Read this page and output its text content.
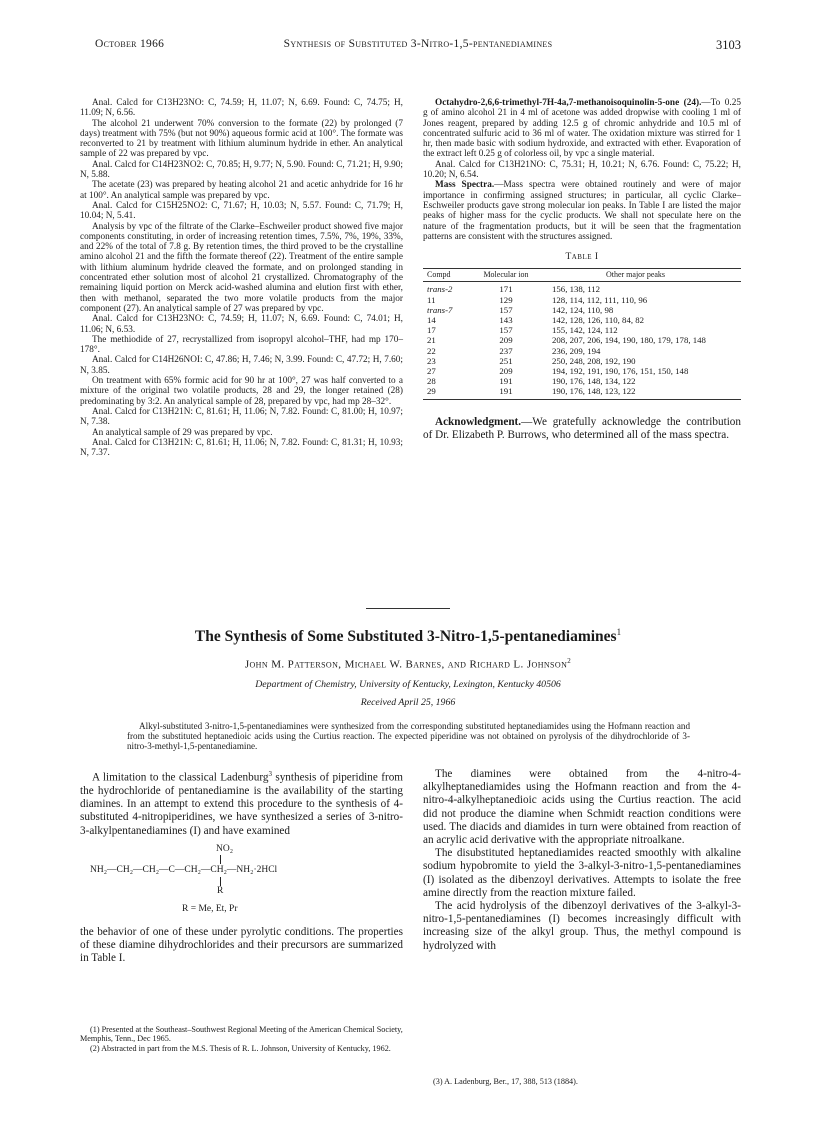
October 1966	Synthesis of Substituted 3-Nitro-1,5-pentanediamines	3103

Anal. Calcd for C13H23NO: C, 74.59; H, 11.07; N, 6.69. Found: C, 74.75; H, 11.09; N, 6.56.

The alcohol 21 underwent 70% conversion to the formate (22) by prolonged (7 days) treatment with 75% (but not 90%) aqueous formic acid at 100°. The formate was reconverted to 21 by treatment with lithium aluminum hydride in ether. An analytical sample of 22 was prepared by vpc.

Anal. Calcd for C14H23NO2: C, 70.85; H, 9.77; N, 5.90. Found: C, 71.21; H, 9.90; N, 5.88.

The acetate (23) was prepared by heating alcohol 21 and acetic anhydride for 16 hr at 100°. An analytical sample was prepared by vpc.

Anal. Calcd for C15H25NO2: C, 71.67; H, 10.03; N, 5.57. Found: C, 71.79; H, 10.04; N, 5.41.

Analysis by vpc of the filtrate of the Clarke–Eschweiler product showed five major components constituting, in order of increasing retention times, 7.5%, 7%, 19%, 33%, and 22% of the total of 7.8 g. By retention times, the third proved to be the crystalline amino alcohol 21 and the fifth the formate thereof (22). Treatment of the entire sample with lithium aluminum hydride cleaved the formate, and on prolonged standing in concentrated ether solution most of alcohol 21 crystallized. Chromatography of the remaining liquid portion on Merck acid-washed alumina and elution first with ether, then with methanol, separated the two more volatile products from the major component (27). An analytical sample of 27 was prepared by vpc.

Anal. Calcd for C13H23NO: C, 74.59; H, 11.07; N, 6.69. Found: C, 74.01; H, 11.06; N, 6.53.

The methiodide of 27, recrystallized from isopropyl alcohol–THF, had mp 170–178°.

Anal. Calcd for C14H26NOI: C, 47.86; H, 7.46; N, 3.99. Found: C, 47.72; H, 7.60; N, 3.85.

On treatment with 65% formic acid for 90 hr at 100°, 27 was half converted to a mixture of the original two volatile products, 28 and 29, the longer retained (28) predominating by 3:2. An analytical sample of 28, prepared by vpc, had mp 28–32°.

Anal. Calcd for C13H21N: C, 81.61; H, 11.06; N, 7.82. Found: C, 81.00; H, 10.97; N, 7.38.

An analytical sample of 29 was prepared by vpc.

Anal. Calcd for C13H21N: C, 81.61; H, 11.06; N, 7.82. Found: C, 81.31; H, 10.93; N, 7.37.

Octahydro-2,6,6-trimethyl-7H-4a,7-methanoisoquinolin-5-one (24).—To 0.25 g of amino alcohol 21 in 4 ml of acetone was added dropwise with cooling 1 ml of Jones reagent, prepared by adding 12.5 g of chromic anhydride and 10.5 ml of concentrated sulfuric acid to 36 ml of water. The oxidation mixture was stirred for 1 hr, then made basic with sodium hydroxide, and extracted with ether. Evaporation of the extract left 0.25 g of colorless oil, by vpc a single material.

Anal. Calcd for C13H21NO: C, 75.31; H, 10.21; N, 6.76. Found: C, 75.22; H, 10.20; N, 6.54.

Mass Spectra.—Mass spectra were obtained routinely and were of major importance in confirming assigned structures; in particular, all cyclic Clarke–Eschweiler products gave strong molecular ion peaks. In Table I are listed the major peaks of higher mass for the cyclic products. We shall not speculate here on the nature of the fragmentation products, but it will be seen that the fragmentation patterns are consistent with the structures assigned.

Table I
Compd	Molecular ion	Other major peaks
trans-2	171	156, 138, 112
11	129	128, 114, 112, 111, 110, 96
trans-7	157	142, 124, 110, 98
14	143	142, 128, 126, 110, 84, 82
17	157	155, 142, 124, 112
21	209	208, 207, 206, 194, 190, 180, 179, 178, 148
22	237	236, 209, 194
23	251	250, 248, 208, 192, 190
27	209	194, 192, 191, 190, 176, 151, 150, 148
28	191	190, 176, 148, 134, 122
29	191	190, 176, 148, 123, 122

Acknowledgment.—We gratefully acknowledge the contribution of Dr. Elizabeth P. Burrows, who determined all of the mass spectra.

The Synthesis of Some Substituted 3-Nitro-1,5-pentanediamines$^1$
John M. Patterson, Michael W. Barnes, and Richard L. Johnson$^2$
Department of Chemistry, University of Kentucky, Lexington, Kentucky 40506
Received April 25, 1966

Alkyl-substituted 3-nitro-1,5-pentanediamines were synthesized from the corresponding substituted heptanediamides using the Hofmann reaction and from the substituted heptanedioic acids using the Curtius reaction. The expected piperidine was not obtained on pyrolysis of the dihydrochloride of 3-nitro-3-methyl-1,5-pentanediamine.

A limitation to the classical Ladenburg$^3$ synthesis of piperidine from the hydrochloride of pentanediamine is the availability of the starting diamines. In an attempt to extend this procedure to the synthesis of 4-substituted 4-nitropiperidines, we have synthesized a series of 3-nitro-3-alkylpentanediamines (I) and have examined

NO₂
NH₂—CH₂—CH₂—C—CH₂—CH₂—NH₂·2HCl
R
R = Me, Et, Pr

the behavior of one of these under pyrolytic conditions. The properties of these diamine dihydrochlorides and their precursors are summarized in Table I.

The diamines were obtained from the 4-nitro-4-alkylheptanediamides using the Hofmann reaction and from the 4-nitro-4-alkylheptanedioic acids using the Curtius reaction. The acid did not produce the diamine when Schmidt reaction conditions were used. The diacids and diamides in turn were obtained from reaction of an acrylic acid derivative with the appropriate nitroalkane.

The disubstituted heptanediamides reacted smoothly with alkaline sodium hypobromite to yield the 3-alkyl-3-nitro-1,5-pentanediamines (I) isolated as the dibenzoyl derivatives. Attempts to isolate the free amine directly from the reaction mixture failed.

The acid hydrolysis of the dibenzoyl derivatives of the 3-alkyl-3-nitro-1,5-pentanediamines (I) becomes increasingly difficult with increasing size of the alkyl group. Thus, the methyl compound is hydrolyzed with

(1) Presented at the Southeast–Southwest Regional Meeting of the American Chemical Society, Memphis, Tenn., Dec 1965.

(2) Abstracted in part from the M.S. Thesis of R. L. Johnson, University of Kentucky, 1962.

(3) A. Ladenburg, Ber., 17, 388, 513 (1884).
